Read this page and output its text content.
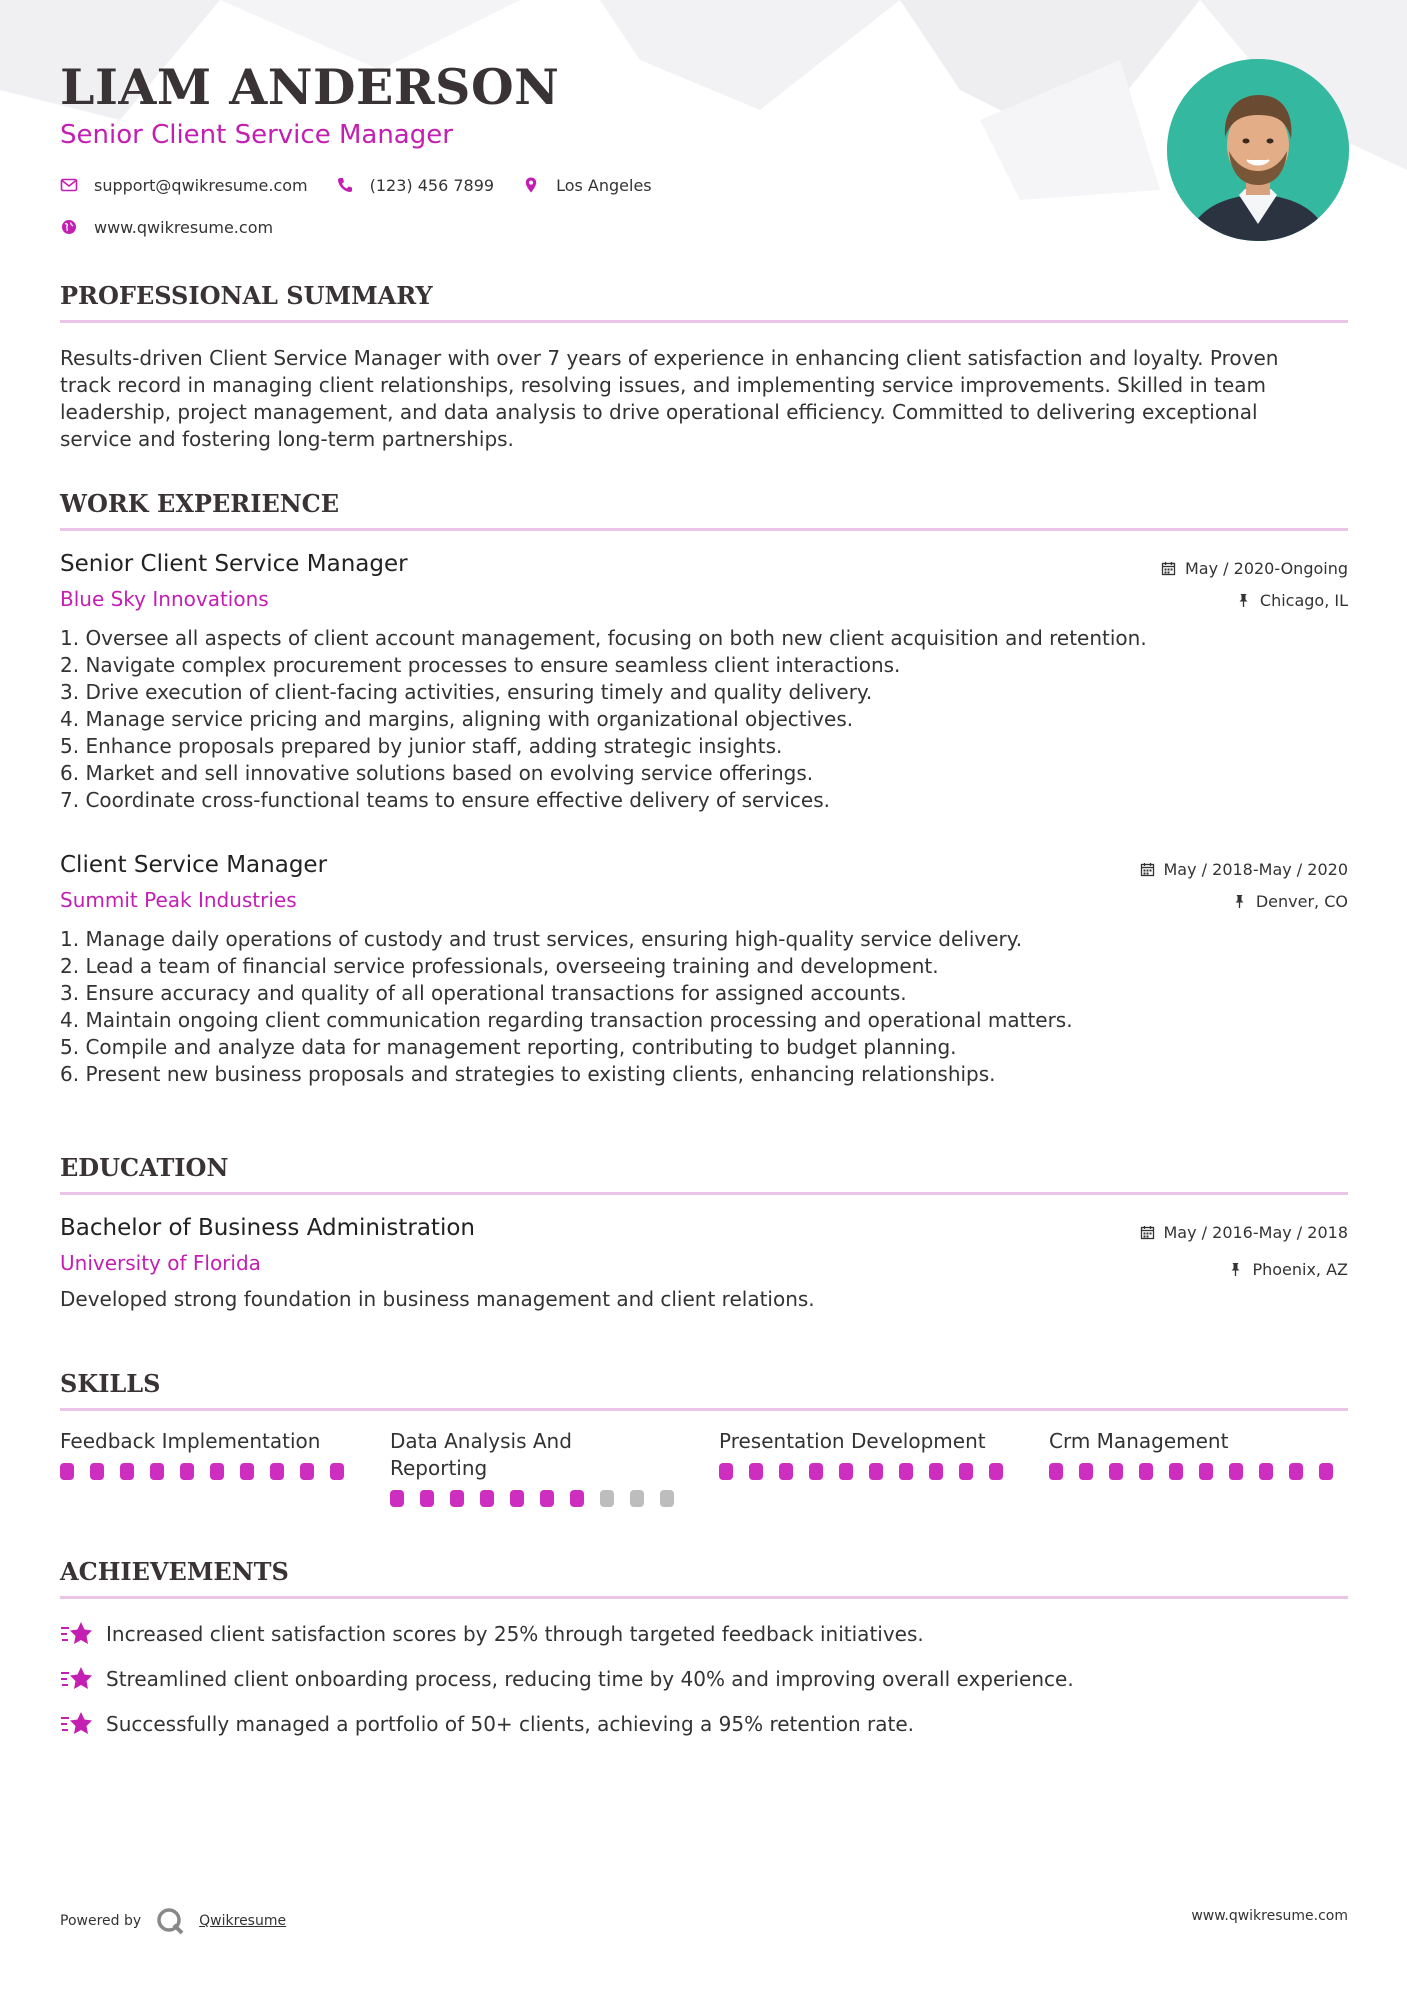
LIAM ANDERSON
Senior Client Service Manager
support@qwikresume.com	(123) 456 7899	Los Angeles
www.qwikresume.com
PROFESSIONAL SUMMARY
Results-driven Client Service Manager with over 7 years of experience in enhancing client satisfaction and loyalty. Proven
track record in managing client relationships, resolving issues, and implementing service improvements. Skilled in team
leadership, project management, and data analysis to drive operational efficiency. Committed to delivering exceptional
service and fostering long-term partnerships.
WORK EXPERIENCE
Senior Client Service Manager
Blue Sky Innovations
May / 2020-Ongoing
Chicago, IL
1. Oversee all aspects of client account management, focusing on both new client acquisition and retention.
2. Navigate complex procurement processes to ensure seamless client interactions.
3. Drive execution of client-facing activities, ensuring timely and quality delivery.
4. Manage service pricing and margins, aligning with organizational objectives.
5. Enhance proposals prepared by junior staff, adding strategic insights.
6. Market and sell innovative solutions based on evolving service offerings.
7. Coordinate cross-functional teams to ensure effective delivery of services.
Client Service Manager
Summit Peak Industries
May / 2018-May / 2020
Denver, CO
1. Manage daily operations of custody and trust services, ensuring high-quality service delivery.
2. Lead a team of financial service professionals, overseeing training and development.
3. Ensure accuracy and quality of all operational transactions for assigned accounts.
4. Maintain ongoing client communication regarding transaction processing and operational matters.
5. Compile and analyze data for management reporting, contributing to budget planning.
6. Present new business proposals and strategies to existing clients, enhancing relationships.
EDUCATION
Bachelor of Business Administration
University of Florida
May / 2016-May / 2018
Phoenix, AZ
Developed strong foundation in business management and client relations.
SKILLS
Feedback Implementation	Data Analysis And
Reporting
Presentation Development	Crm Management
ACHIEVEMENTS
Increased client satisfaction scores by 25% through targeted feedback initiatives.
Streamlined client onboarding process, reducing time by 40% and improving overall experience.
Successfully managed a portfolio of 50+ clients, achieving a 95% retention rate.
Powered by	Qwikresume	www.qwikresume.com
